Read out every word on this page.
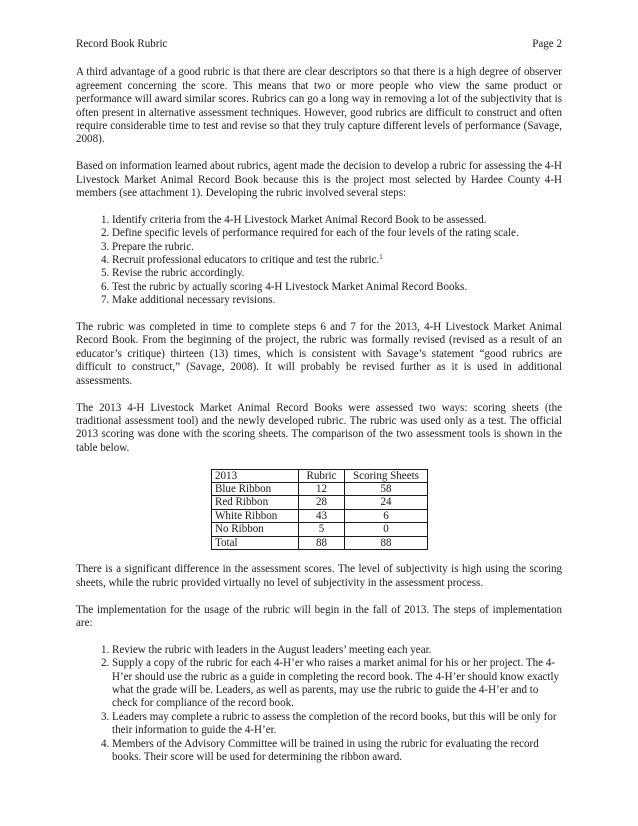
Record Book Rubric	Page 2

A third advantage of a good rubric is that there are clear descriptors so that there is a high degree of observer agreement concerning the score. This means that two or more people who view the same product or performance will award similar scores. Rubrics can go a long way in removing a lot of the subjectivity that is often present in alternative assessment techniques. However, good rubrics are difficult to construct and often require considerable time to test and revise so that they truly capture different levels of performance (Savage, 2008).

Based on information learned about rubrics, agent made the decision to develop a rubric for assessing the 4-H Livestock Market Animal Record Book because this is the project most selected by Hardee County 4-H members (see attachment 1). Developing the rubric involved several steps:

1. Identify criteria from the 4-H Livestock Market Animal Record Book to be assessed.
2. Define specific levels of performance required for each of the four levels of the rating scale.
3. Prepare the rubric.
4. Recruit professional educators to critique and test the rubric.$^1$
5. Revise the rubric accordingly.
6. Test the rubric by actually scoring 4-H Livestock Market Animal Record Books.
7. Make additional necessary revisions.

The rubric was completed in time to complete steps 6 and 7 for the 2013, 4-H Livestock Market Animal Record Book. From the beginning of the project, the rubric was formally revised (revised as a result of an educator’s critique) thirteen (13) times, which is consistent with Savage’s statement “good rubrics are difficult to construct,” (Savage, 2008). It will probably be revised further as it is used in additional assessments.

The 2013 4-H Livestock Market Animal Record Books were assessed two ways: scoring sheets (the traditional assessment tool) and the newly developed rubric. The rubric was used only as a test. The official 2013 scoring was done with the scoring sheets. The comparison of the two assessment tools is shown in the table below.

2013	Rubric	Scoring Sheets
Blue Ribbon	12	58
Red Ribbon	28	24
White Ribbon	43	6
No Ribbon	5	0
Total	88	88

There is a significant difference in the assessment scores. The level of subjectivity is high using the scoring sheets, while the rubric provided virtually no level of subjectivity in the assessment process.

The implementation for the usage of the rubric will begin in the fall of 2013. The steps of implementation are:

1. Review the rubric with leaders in the August leaders’ meeting each year.
2. Supply a copy of the rubric for each 4-H’er who raises a market animal for his or her project. The 4-H’er should use the rubric as a guide in completing the record book. The 4-H’er should know exactly what the grade will be. Leaders, as well as parents, may use the rubric to guide the 4-H’er and to check for compliance of the record book.
3. Leaders may complete a rubric to assess the completion of the record books, but this will be only for their information to guide the 4-H’er.
4. Members of the Advisory Committee will be trained in using the rubric for evaluating the record books. Their score will be used for determining the ribbon award.
